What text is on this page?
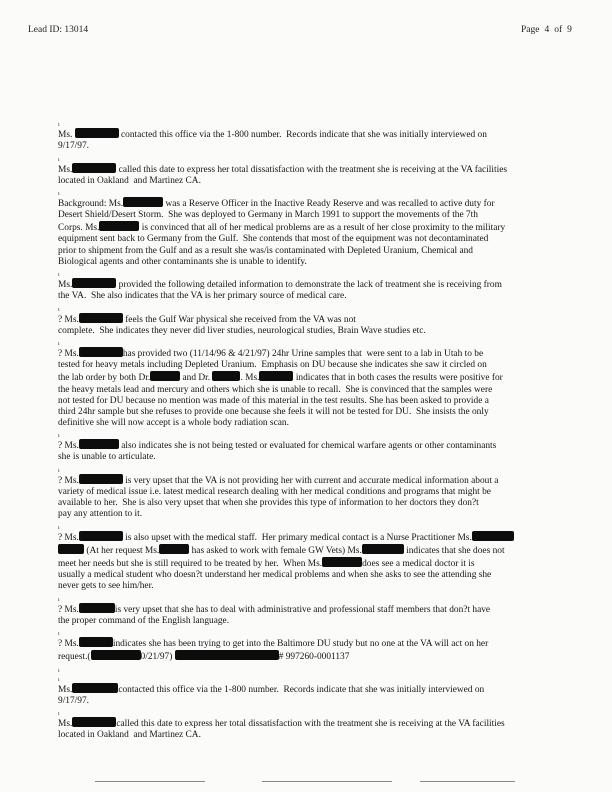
Lead ID: 13014	Page 4 of 9
ı

Ms.	contacted this office via the 1-800 number.  Records indicate that she was initially interviewed on
9/17/97.

ı

Ms.	called this date to express her total dissatisfaction with the treatment she is receiving at the VA facilities
located in Oakland  and Martinez CA.

ı

Background: Ms.	was a Reserve Officer in the Inactive Ready Reserve and was recalled to active duty for
Desert Shield/Desert Storm.  She was deployed to Germany in March 1991 to support the movements of the 7th
Corps. Ms.	is convinced that all of her medical problems are as a result of her close proximity to the military
equipment sent back to Germany from the Gulf.  She contends that most of the equipment was not decontaminated
prior to shipment from the Gulf and as a result she was/is contaminated with Depleted Uranium, Chemical and
Biological agents and other contaminants she is unable to identify.

ı

Ms.	provided the following detailed information to demonstrate the lack of treatment she is receiving from
the VA.  She also indicates that the VA is her primary source of medical care.

ı

? Ms.	feels the Gulf War physical she received from the VA was not
complete.  She indicates they never did liver studies, neurological studies, Brain Wave studies etc.

ı

? Ms.	has provided two (11/14/96 & 4/21/97) 24hr Urine samples that  were sent to a lab in Utah to be
tested for heavy metals including Depleted Uranium.  Emphasis on DU because she indicates she saw it circled on
the lab order by both Dr.	and Dr.	. Ms.	indicates that in both cases the results were positive for
the heavy metals lead and mercury and others which she is unable to recall.  She is convinced that the samples were
not tested for DU because no mention was made of this material in the test results. She has been asked to provide a
third 24hr sample but she refuses to provide one because she feels it will not be tested for DU.  She insists the only
definitive she will now accept is a whole body radiation scan.

ı

? Ms.	also indicates she is not being tested or evaluated for chemical warfare agents or other contaminants
she is unable to articulate.

ı

? Ms.	is very upset that the VA is not providing her with current and accurate medical information about a
variety of medical issue i.e. latest medical research dealing with her medical conditions and programs that might be
available to her.  She is also very upset that when she provides this type of information to her doctors they don?t
pay any attention to it.

ı

? Ms.	is also upset with the medical staff.  Her primary medical contact is a Nurse Practitioner Ms.
(At her request Ms.	has asked to work with female GW Vets) Ms.	indicates that she does not
meet her needs but she is still required to be treated by her.  When Ms.	does see a medical doctor it is
usually a medical student who doesn?t understand her medical problems and when she asks to see the attending she
never gets to see him/her.

ı

? Ms.	is very upset that she has to deal with administrative and professional staff members that don?t have
the proper command of the English language.

ı

? Ms.	indicates she has been trying to get into the Baltimore DU study but no one at the VA will act on her
request.(	0/21/97)	# 997260-0001137

ı
ı

Ms.	contacted this office via the 1-800 number.  Records indicate that she was initially interviewed on
9/17/97.

ı

Ms.	called this date to express her total dissatisfaction with the treatment she is receiving at the VA facilities
located in Oakland  and Martinez CA.
